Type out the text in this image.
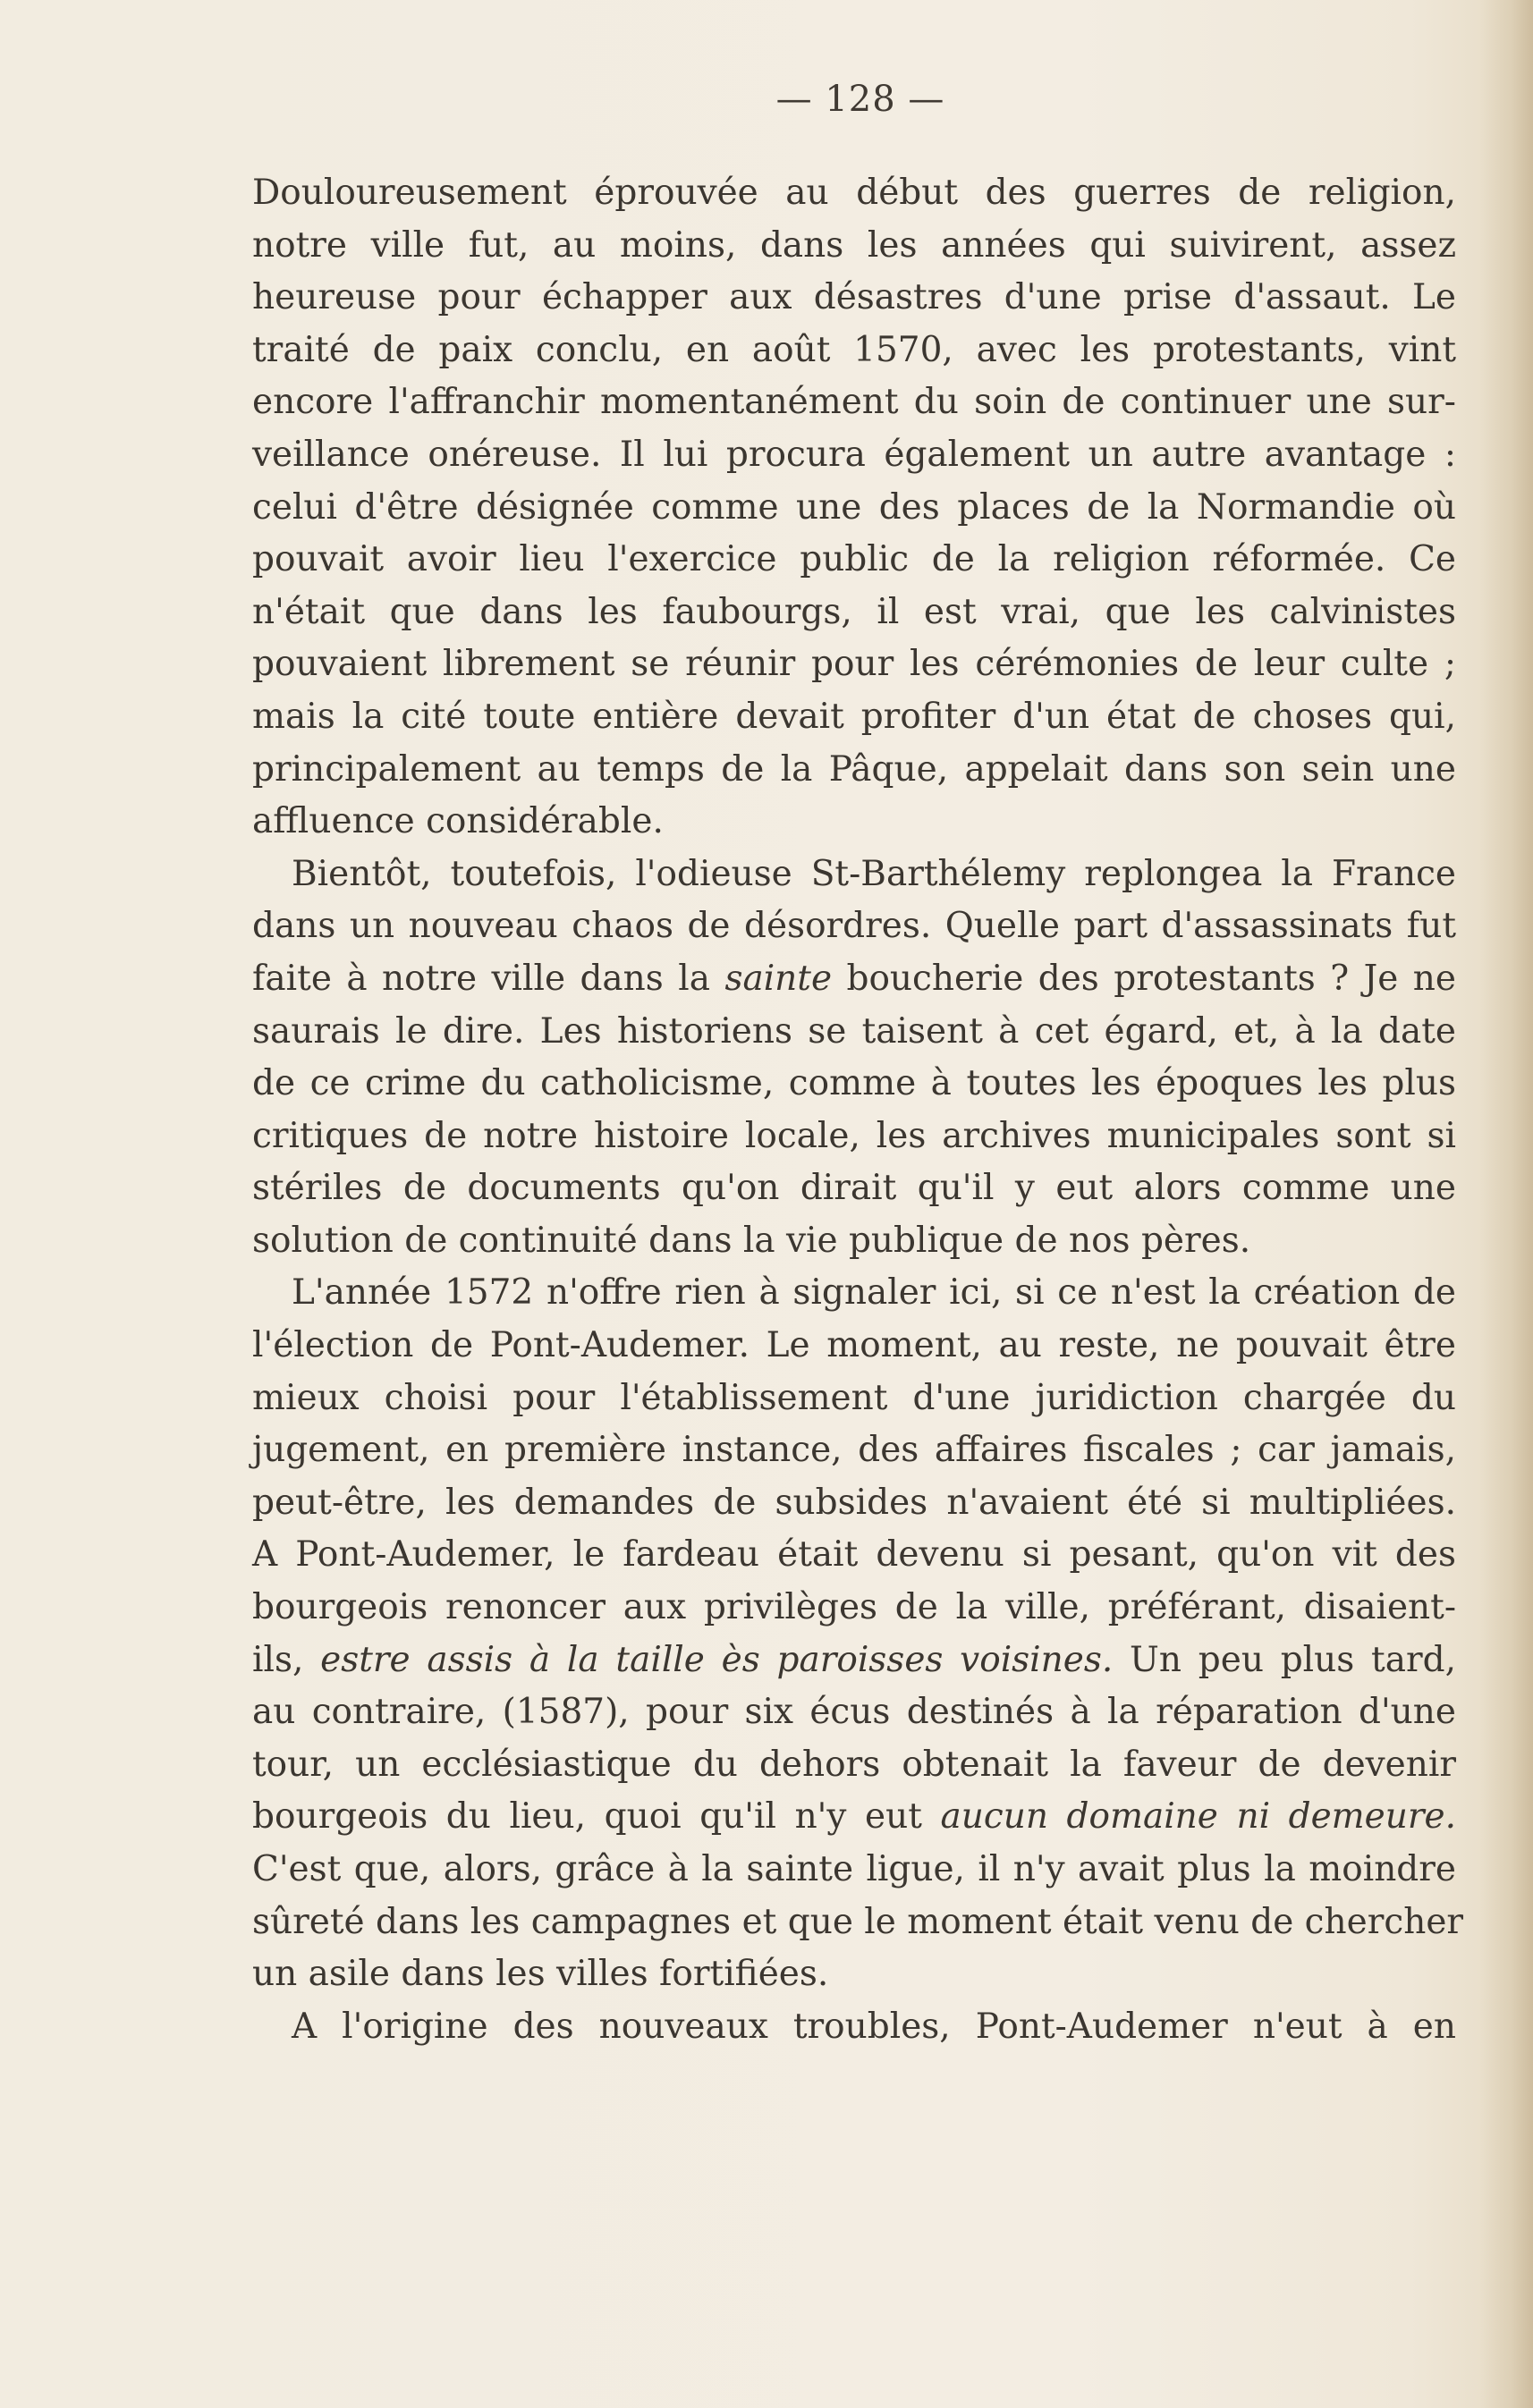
— 128 —

Douloureusement éprouvée au début des guerres de religion,
notre ville fut, au moins, dans les années qui suivirent, assez
heureuse pour échapper aux désastres d'une prise d'assaut. Le
traité de paix conclu, en août 1570, avec les protestants, vint
encore l'affranchir momentanément du soin de continuer une sur-
veillance onéreuse. Il lui procura également un autre avantage :
celui d'être désignée comme une des places de la Normandie où
pouvait avoir lieu l'exercice public de la religion réformée. Ce
n'était que dans les faubourgs, il est vrai, que les calvinistes
pouvaient librement se réunir pour les cérémonies de leur culte ;
mais la cité toute entière devait profiter d'un état de choses qui,
principalement au temps de la Pâque, appelait dans son sein une
affluence considérable.

Bientôt, toutefois, l'odieuse St-Barthélemy replongea la France
dans un nouveau chaos de désordres. Quelle part d'assassinats fut
faite à notre ville dans la sainte boucherie des protestants ? Je ne
saurais le dire. Les historiens se taisent à cet égard, et, à la date
de ce crime du catholicisme, comme à toutes les époques les plus
critiques de notre histoire locale, les archives municipales sont si
stériles de documents qu'on dirait qu'il y eut alors comme une
solution de continuité dans la vie publique de nos pères.

L'année 1572 n'offre rien à signaler ici, si ce n'est la création de
l'élection de Pont-Audemer. Le moment, au reste, ne pouvait être
mieux choisi pour l'établissement d'une juridiction chargée du
jugement, en première instance, des affaires fiscales ; car jamais,
peut-être, les demandes de subsides n'avaient été si multipliées.
A Pont-Audemer, le fardeau était devenu si pesant, qu'on vit des
bourgeois renoncer aux privilèges de la ville, préférant, disaient-
ils, estre assis à la taille ès paroisses voisines. Un peu plus tard,
au contraire, (1587), pour six écus destinés à la réparation d'une
tour, un ecclésiastique du dehors obtenait la faveur de devenir
bourgeois du lieu, quoi qu'il n'y eut aucun domaine ni demeure.
C'est que, alors, grâce à la sainte ligue, il n'y avait plus la moindre
sûreté dans les campagnes et que le moment était venu de chercher
un asile dans les villes fortifiées.

A l'origine des nouveaux troubles, Pont-Audemer n'eut à en
